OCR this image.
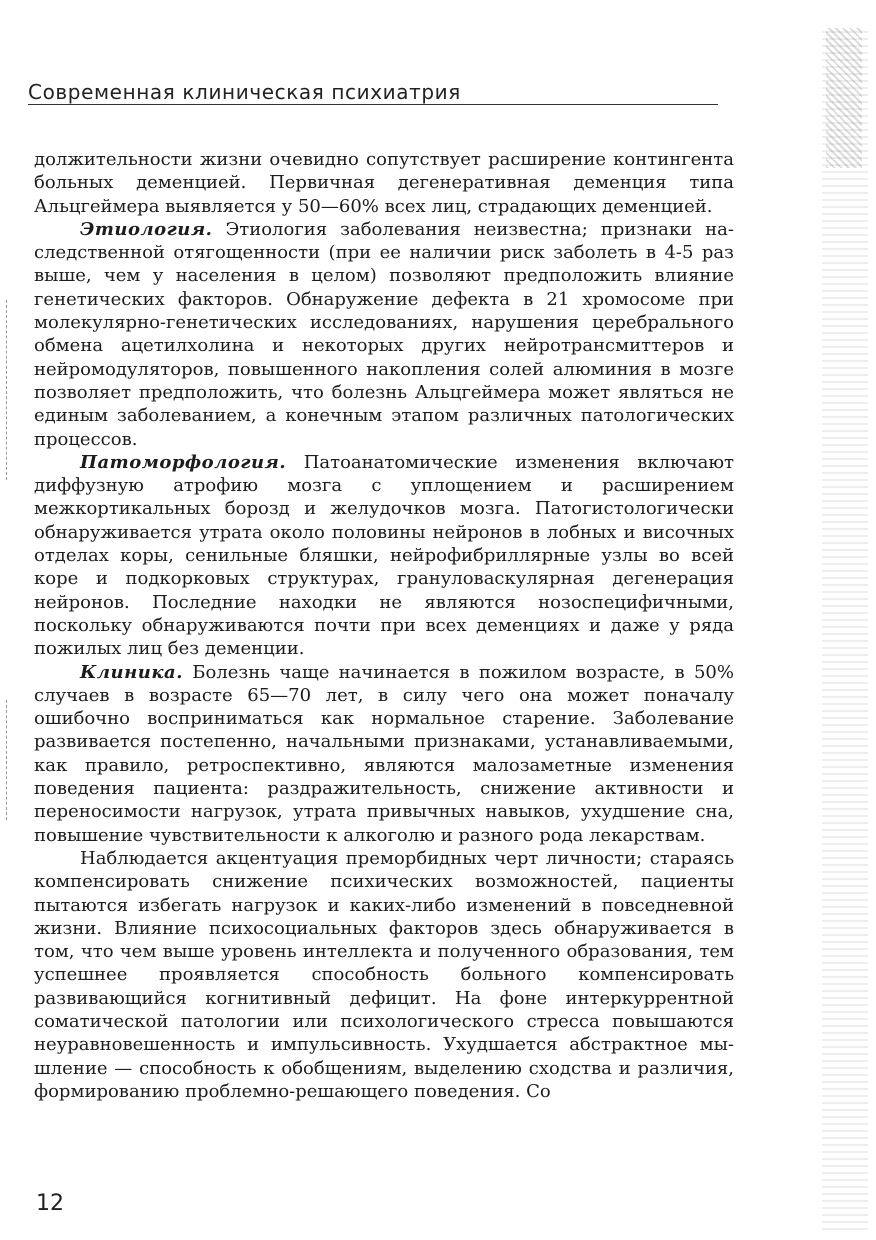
Современная клиническая психиатрия

должительности жизни очевидно сопутствует расширение контингента больных деменцией. Первичная дегенеративная деменция типа Альцгеймера выявляется у 50—60% всех лиц, страдающих деменцией.

Этиология. Этиология заболевания неизвестна; признаки наследственной отягощенности (при ее наличии риск заболеть в 4-5 раз выше, чем у населения в целом) позволяют предположить влияние генетических факторов. Обнаружение дефекта в 21 хромосоме при молекулярно-генетических исследованиях, нарушения церебрального обмена ацетилхолина и некоторых других нейротрансмиттеров и нейромодуляторов, повышенного накопления солей алюминия в мозге позволяет предположить, что болезнь Альцгеймера может являться не единым заболеванием, а конечным этапом различных патологических процессов.

Патоморфология. Патоанатомические изменения включают диффузную атрофию мозга с уплощением и расширением межкортикальных борозд и желудочков мозга. Патогистологически обнаруживается утрата около половины нейронов в лобных и височных отделах коры, сенильные бляшки, нейрофибриллярные узлы во всей коре и подкорковых структурах, грануловаскулярная дегенерация нейронов. Последние находки не являются нозоспецифичными, поскольку обнаруживаются почти при всех деменциях и даже у ряда пожилых лиц без деменции.

Клиника. Болезнь чаще начинается в пожилом возрасте, в 50% случаев в возрасте 65—70 лет, в силу чего она может поначалу ошибочно восприниматься как нормальное старение. Заболевание развивается постепенно, начальными признаками, устанавливаемыми, как правило, ретроспективно, являются малозаметные изменения поведения пациента: раздражительность, снижение активности и переносимости нагрузок, утрата привычных навыков, ухудшение сна, повышение чувствительности к алкоголю и разного рода лекарствам.

Наблюдается акцентуация преморбидных черт личности; стараясь компенсировать снижение психических возможностей, пациенты пытаются избегать нагрузок и каких-либо изменений в повседневной жизни. Влияние психосоциальных факторов здесь обнаруживается в том, что чем выше уровень интеллекта и полученного образования, тем успешнее проявляется способность больного компенсировать развивающийся когнитивный дефицит. На фоне интеркуррентной соматической патологии или психологического стресса повышаются неуравновешенность и импульсивность. Ухудшается абстрактное мышление — способность к обобщениям, выделению сходства и различия, формированию проблемно-решающего поведения. Со

12
